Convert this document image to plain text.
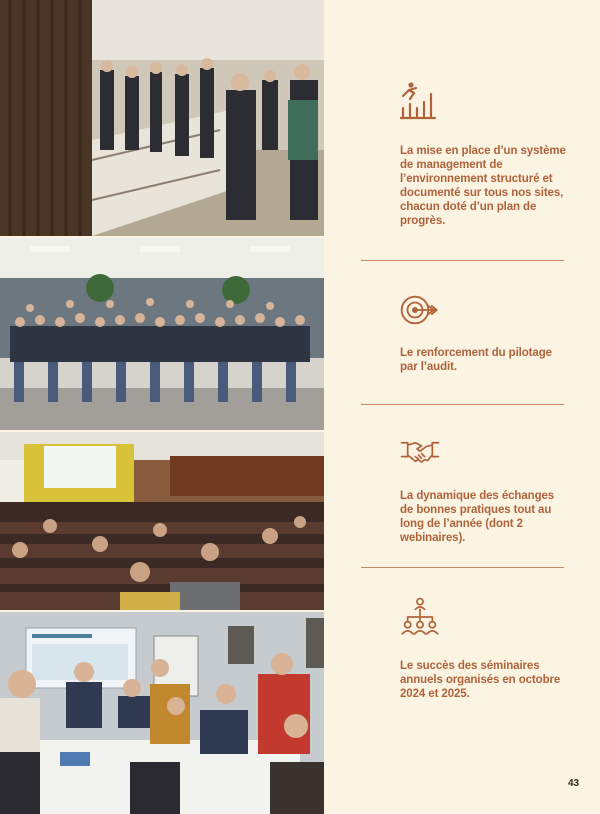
La mise en place d’un système de management de l’environnement structuré et documenté sur tous nos sites, chacun doté d’un plan de progrès.

Le renforcement du pilotage par l’audit.

La dynamique des échanges de bonnes pratiques tout au long de l’année (dont 2 webinaires).

Le succès des séminaires annuels organisés en octobre 2024 et 2025.

43
